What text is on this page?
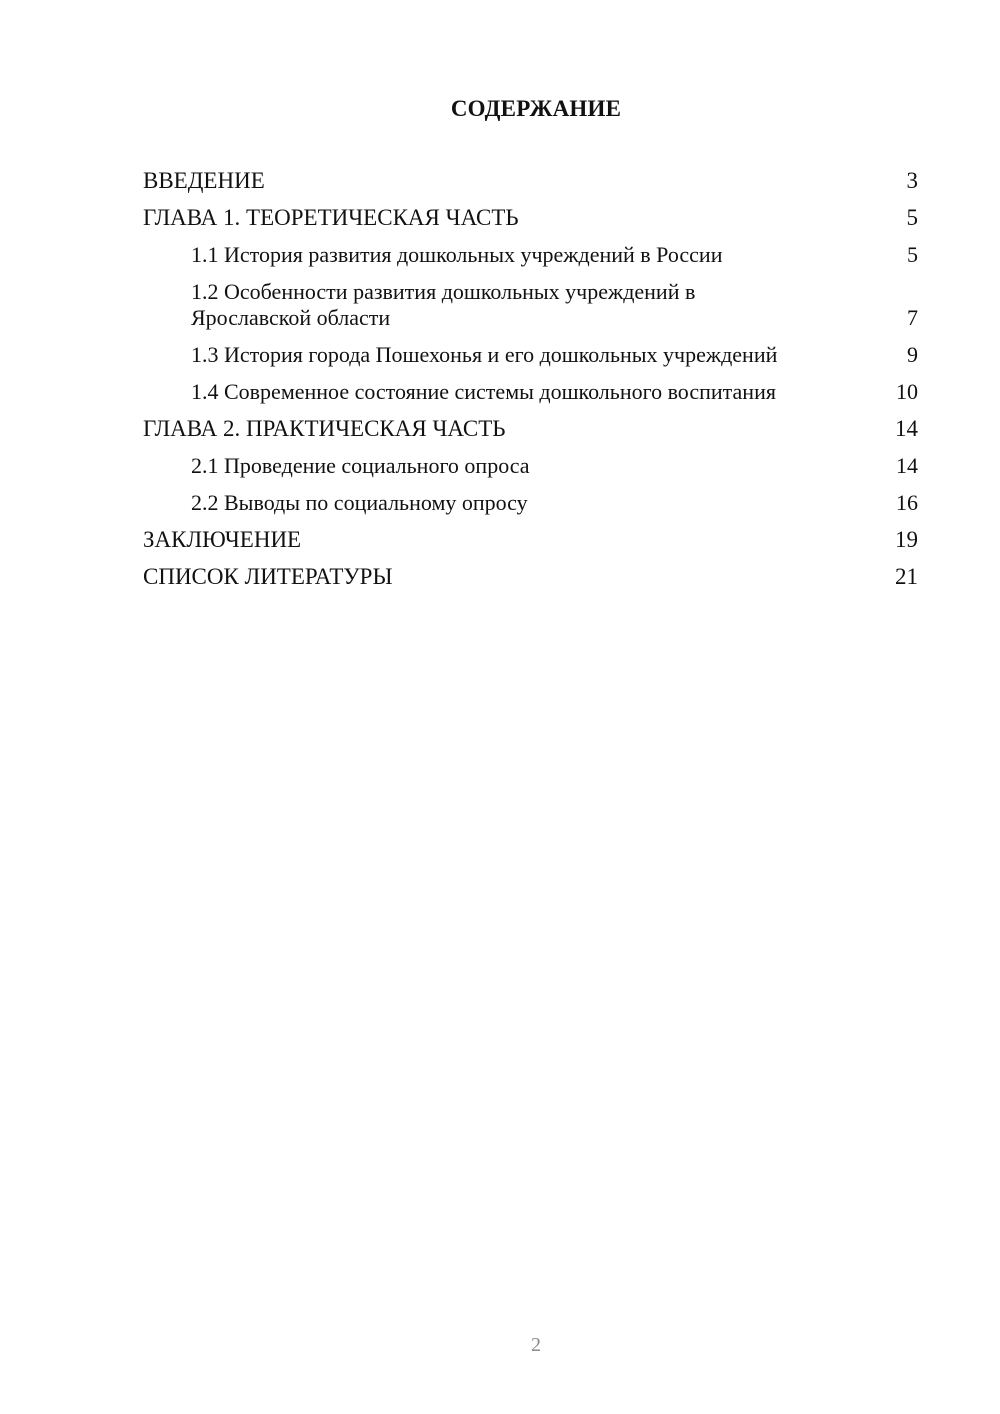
СОДЕРЖАНИЕ
ВВЕДЕНИЕ	3
ГЛАВА 1. ТЕОРЕТИЧЕСКАЯ ЧАСТЬ	5
1.1 История развития дошкольных учреждений в России	5
1.2 Особенности развития дошкольных учреждений в Ярославской области	7
1.3 История города Пошехонья и его дошкольных учреждений	9
1.4 Современное состояние системы дошкольного воспитания	10
ГЛАВА 2. ПРАКТИЧЕСКАЯ ЧАСТЬ	14
2.1 Проведение социального опроса	14
2.2 Выводы по социальному опросу	16
ЗАКЛЮЧЕНИЕ	19
СПИСОК ЛИТЕРАТУРЫ	21
2
